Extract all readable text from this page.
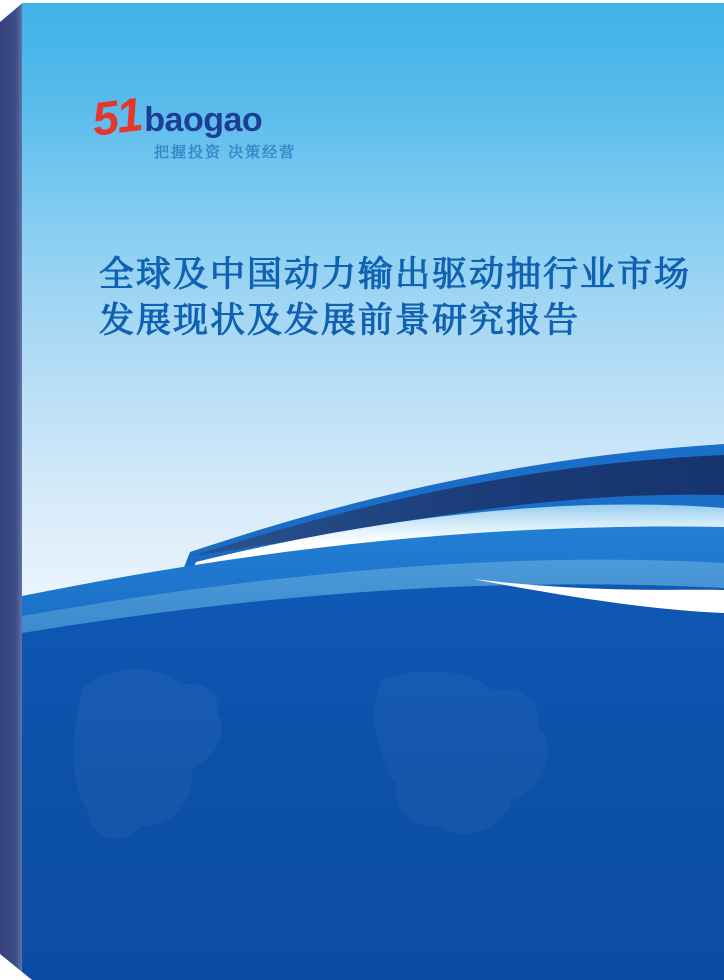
51 baogao
把握投资 决策经营
全球及中国动力输出驱动抽行业市场
发展现状及发展前景研究报告
